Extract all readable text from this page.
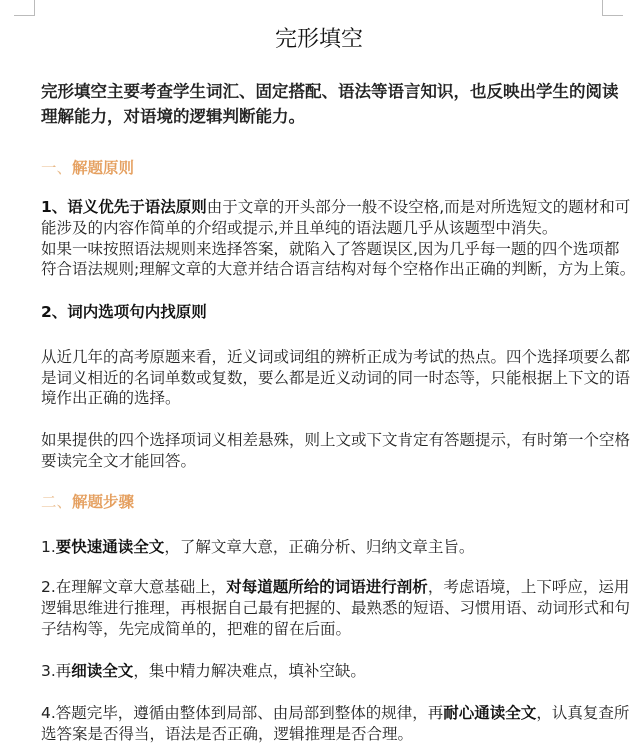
完形填空
完形填空主要考查学生词汇、固定搭配、语法等语言知识，也反映出学生的阅读
理解能力，对语境的逻辑判断能力。
一、解题原则
1、语义优先于语法原则由于文章的开头部分一般不设空格,而是对所选短文的题材和可
能涉及的内容作简单的介绍或提示,并且单纯的语法题几乎从该题型中消失。
如果一味按照语法规则来选择答案，就陷入了答题误区,因为几乎每一题的四个选项都
符合语法规则;理解文章的大意并结合语言结构对每个空格作出正确的判断，方为上策。
2、词内选项句内找原则
从近几年的高考原题来看，近义词或词组的辨析正成为考试的热点。四个选择项要么都
是词义相近的名词单数或复数，要么都是近义动词的同一时态等，只能根据上下文的语
境作出正确的选择。
如果提供的四个选择项词义相差悬殊，则上文或下文肯定有答题提示，有时第一个空格
要读完全文才能回答。
二、解题步骤
1.要快速通读全文，了解文章大意，正确分析、归纳文章主旨。
2.在理解文章大意基础上，对每道题所给的词语进行剖析，考虑语境，上下呼应，运用
逻辑思维进行推理，再根据自己最有把握的、最熟悉的短语、习惯用语、动词形式和句
子结构等，先完成简单的，把难的留在后面。
3.再细读全文，集中精力解决难点，填补空缺。
4.答题完毕，遵循由整体到局部、由局部到整体的规律，再耐心通读全文，认真复查所
选答案是否得当，语法是否正确，逻辑推理是否合理。
